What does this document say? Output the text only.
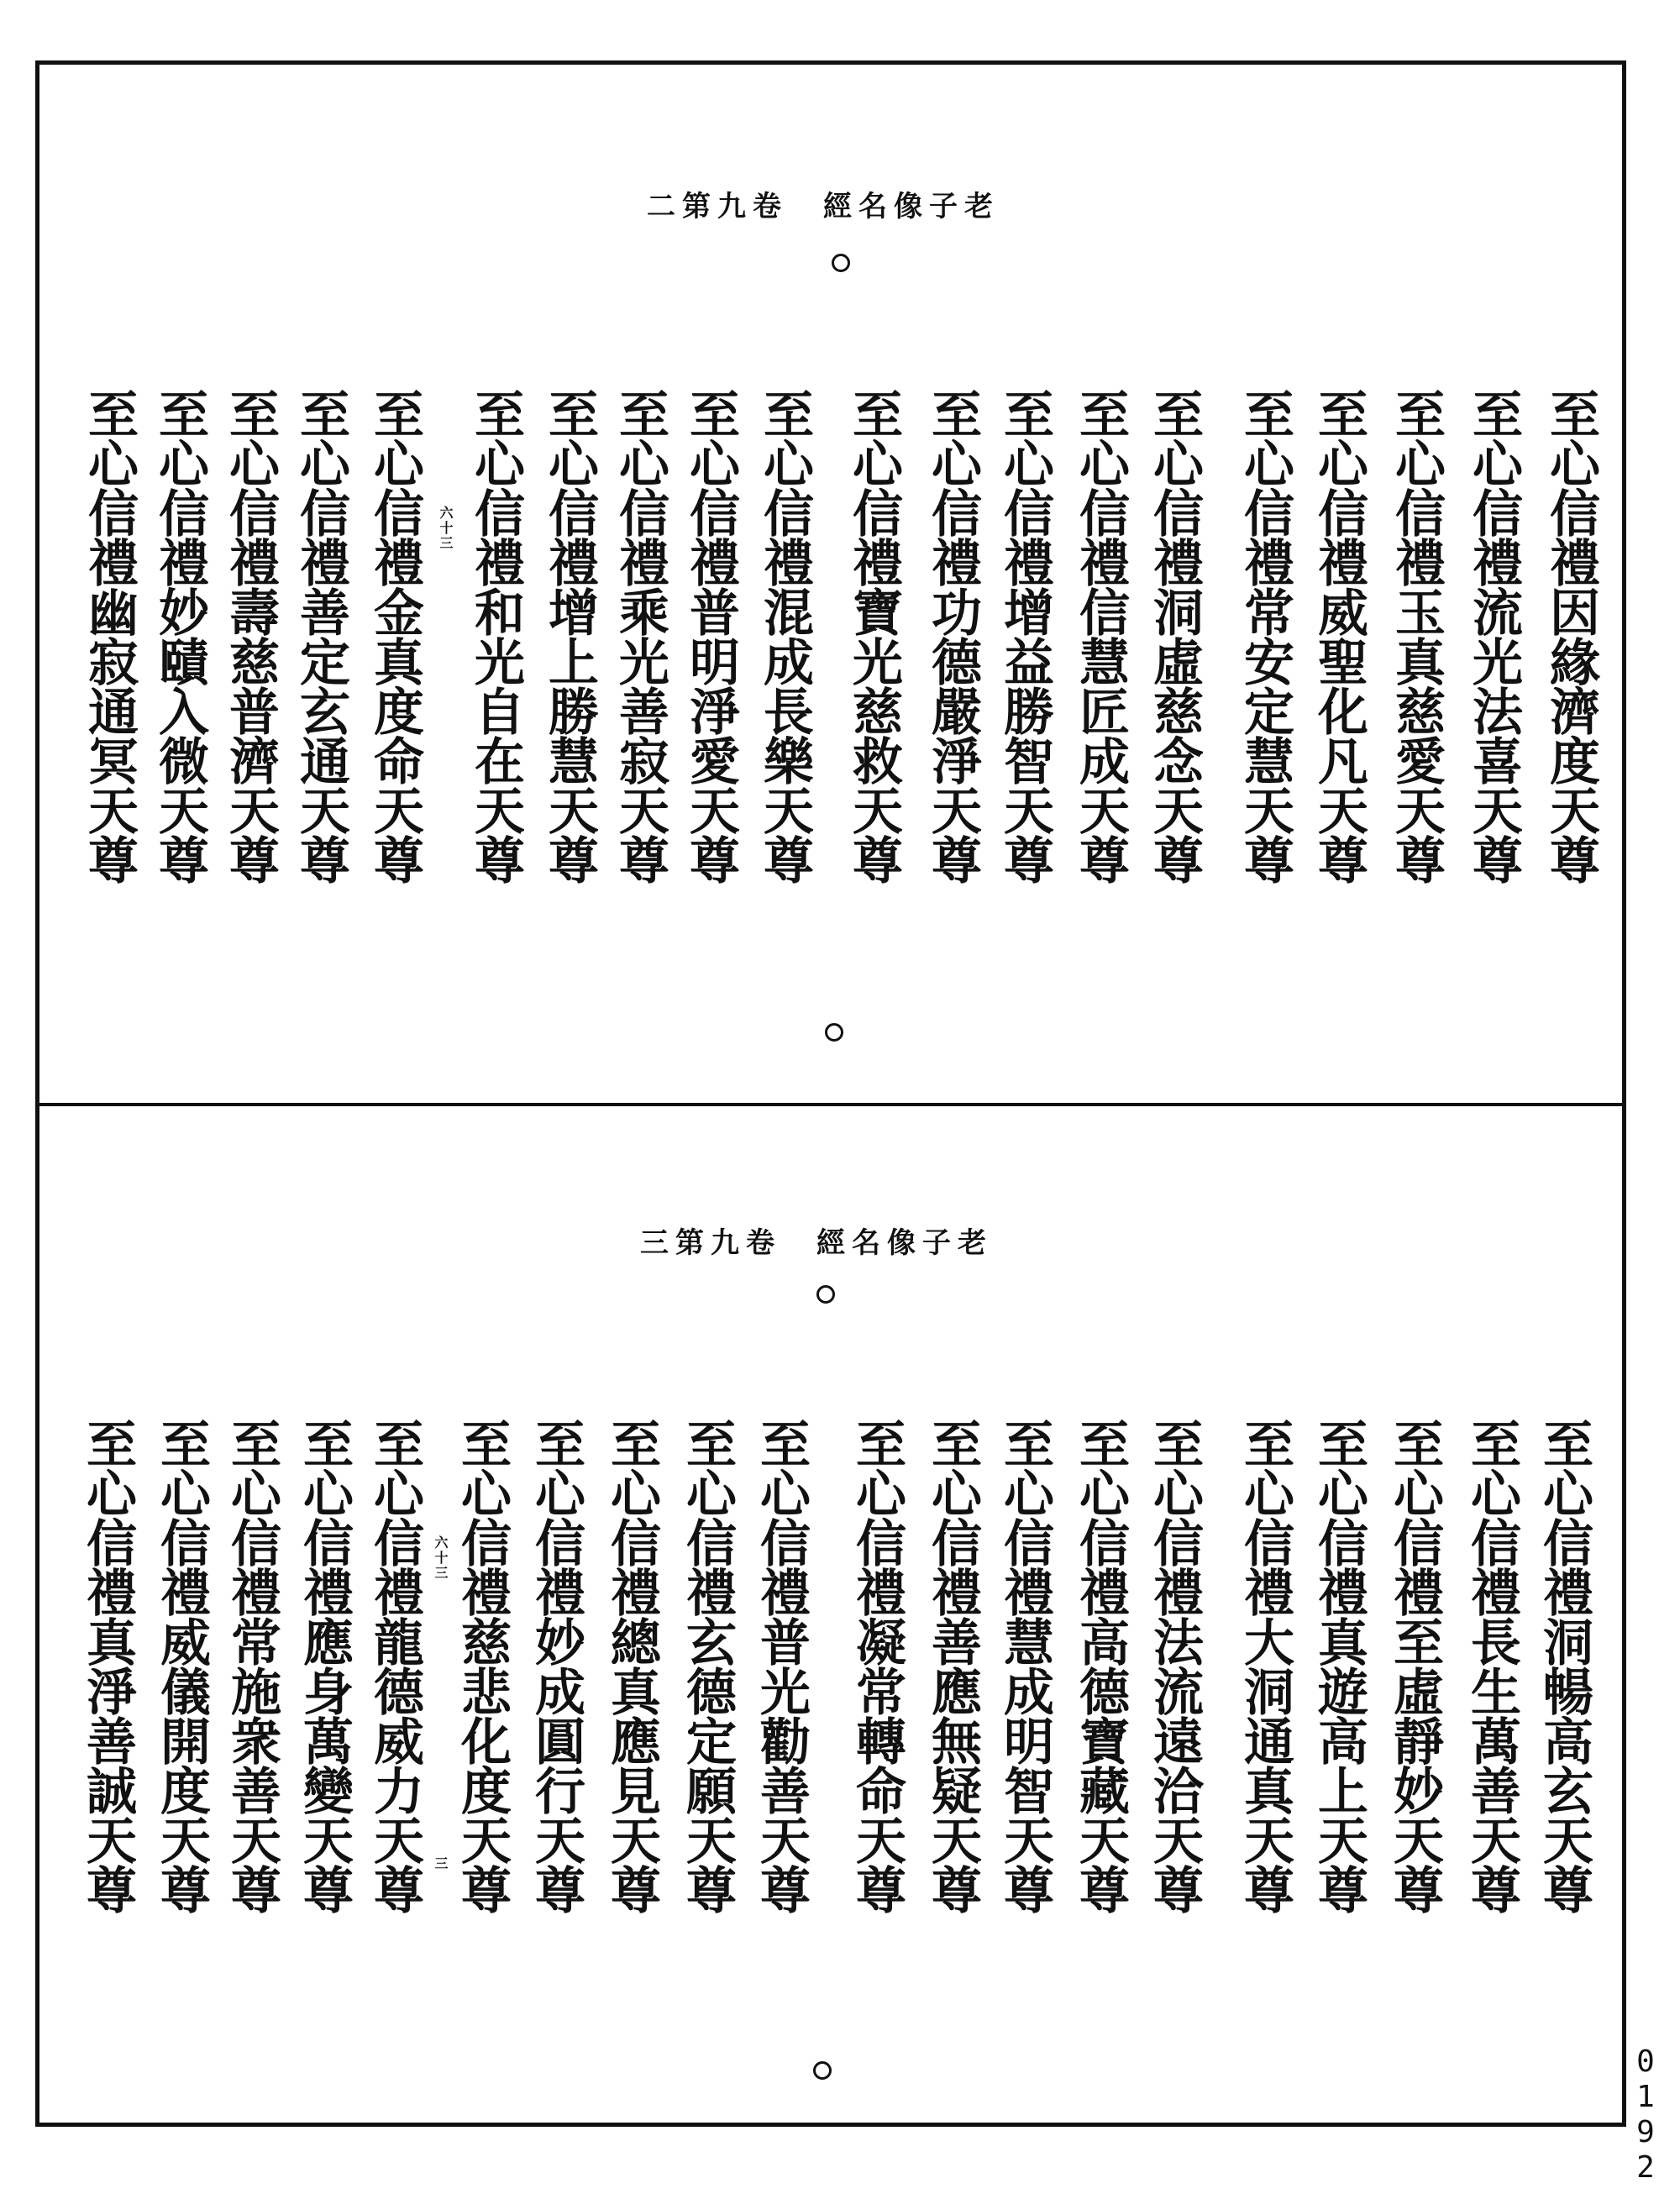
二第九卷　經名像子老
至心信禮因緣濟度天尊
至心信禮流光法喜天尊
至心信禮玉真慈愛天尊
至心信禮威聖化凡天尊
至心信禮常安定慧天尊
至心信禮洞虛慈念天尊
至心信禮信慧匠成天尊
至心信禮增益勝智天尊
至心信禮功德嚴淨天尊
至心信禮寶光慈救天尊
至心信禮混成長樂天尊
至心信禮普明淨愛天尊
至心信禮乘光善寂天尊
至心信禮增上勝慧天尊
至心信禮和光自在天尊
至心信禮金真度命天尊
至心信禮善定玄通天尊
至心信禮壽慈普濟天尊
至心信禮妙賾入微天尊
至心信禮幽寂通冥天尊	六十三
三第九卷　經名像子老
至心信禮洞暢高玄天尊
至心信禮長生萬善天尊
至心信禮至虛靜妙天尊
至心信禮真遊高上天尊
至心信禮大洞通真天尊
至心信禮法流遠洽天尊
至心信禮高德寶藏天尊
至心信禮慧成明智天尊
至心信禮善應無疑天尊
至心信禮凝常轉命天尊
至心信禮普光勸善天尊
至心信禮玄德定願天尊
至心信禮總真應見天尊
至心信禮妙成圓行天尊
至心信禮慈悲化度天尊
至心信禮龍德威力天尊
至心信禮應身萬變天尊
至心信禮常施衆善天尊
至心信禮威儀開度天尊
至心信禮真淨善誠天尊	六十三
三
0192
